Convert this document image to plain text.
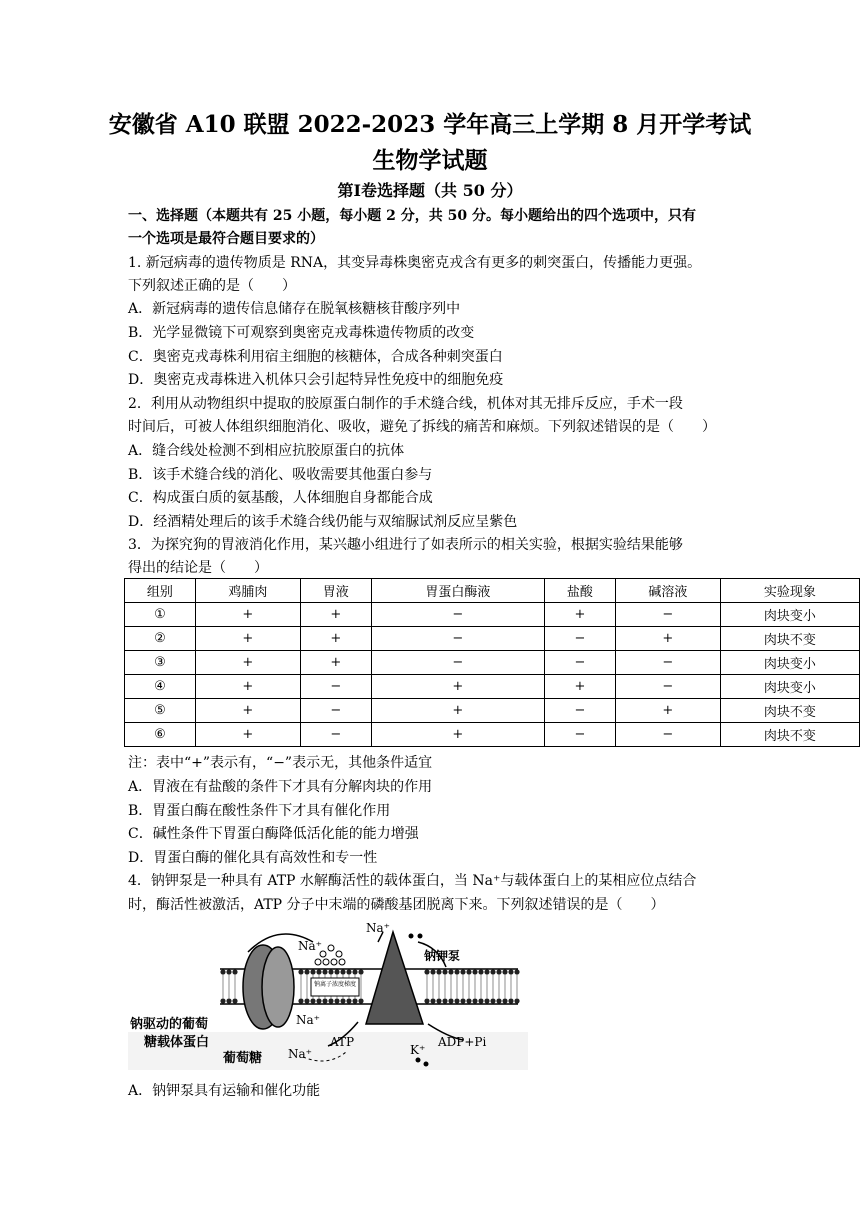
安徽省 A10 联盟 2022-2023 学年高三上学期 8 月开学考试
生物学试题
第Ⅰ卷选择题（共 50 分）
一、选择题（本题共有 25 小题，每小题 2 分，共 50 分。每小题给出的四个选项中，只有
一个选项是最符合题目要求的）
1. 新冠病毒的遗传物质是 RNA，其变异毒株奥密克戎含有更多的刺突蛋白，传播能力更强。
下列叙述正确的是（　　）
A．新冠病毒的遗传信息储存在脱氧核糖核苷酸序列中
B．光学显微镜下可观察到奥密克戎毒株遗传物质的改变
C．奥密克戎毒株利用宿主细胞的核糖体，合成各种刺突蛋白
D．奥密克戎毒株进入机体只会引起特异性免疫中的细胞免疫
2．利用从动物组织中提取的胶原蛋白制作的手术缝合线，机体对其无排斥反应，手术一段
时间后，可被人体组织细胞消化、吸收，避免了拆线的痛苦和麻烦。下列叙述错误的是（　　）
A．缝合线处检测不到相应抗胶原蛋白的抗体
B．该手术缝合线的消化、吸收需要其他蛋白参与
C．构成蛋白质的氨基酸，人体细胞自身都能合成
D．经酒精处理后的该手术缝合线仍能与双缩脲试剂反应呈紫色
3．为探究狗的胃液消化作用，某兴趣小组进行了如表所示的相关实验，根据实验结果能够
得出的结论是（　　）
组别	鸡脯肉	胃液	胃蛋白酶液	盐酸	碱溶液	实验现象
①	+	+	−	+	−	肉块变小
②	+	+	−	−	+	肉块不变
③	+	+	−	−	−	肉块变小
④	+	−	+	+	−	肉块变小
⑤	+	−	+	−	+	肉块不变
⑥	+	−	+	−	−	肉块不变
注：表中“+”表示有，“−”表示无，其他条件适宜
A．胃液在有盐酸的条件下才具有分解肉块的作用
B．胃蛋白酶在酸性条件下才具有催化作用
C．碱性条件下胃蛋白酶降低活化能的能力增强
D．胃蛋白酶的催化具有高效性和专一性
4．钠钾泵是一种具有 ATP 水解酶活性的载体蛋白，当 Na⁺与载体蛋白上的某相应位点结合
时，酶活性被激活，ATP 分子中末端的磷酸基团脱离下来。下列叙述错误的是（　　）
钠离子浓度梯度
Na⁺
Na⁺
钠钾泵
Na⁺
Na⁺
ATP	ADP+Pi
K⁺
钠驱动的葡萄
糖载体蛋白
葡萄糖
A．钠钾泵具有运输和催化功能
